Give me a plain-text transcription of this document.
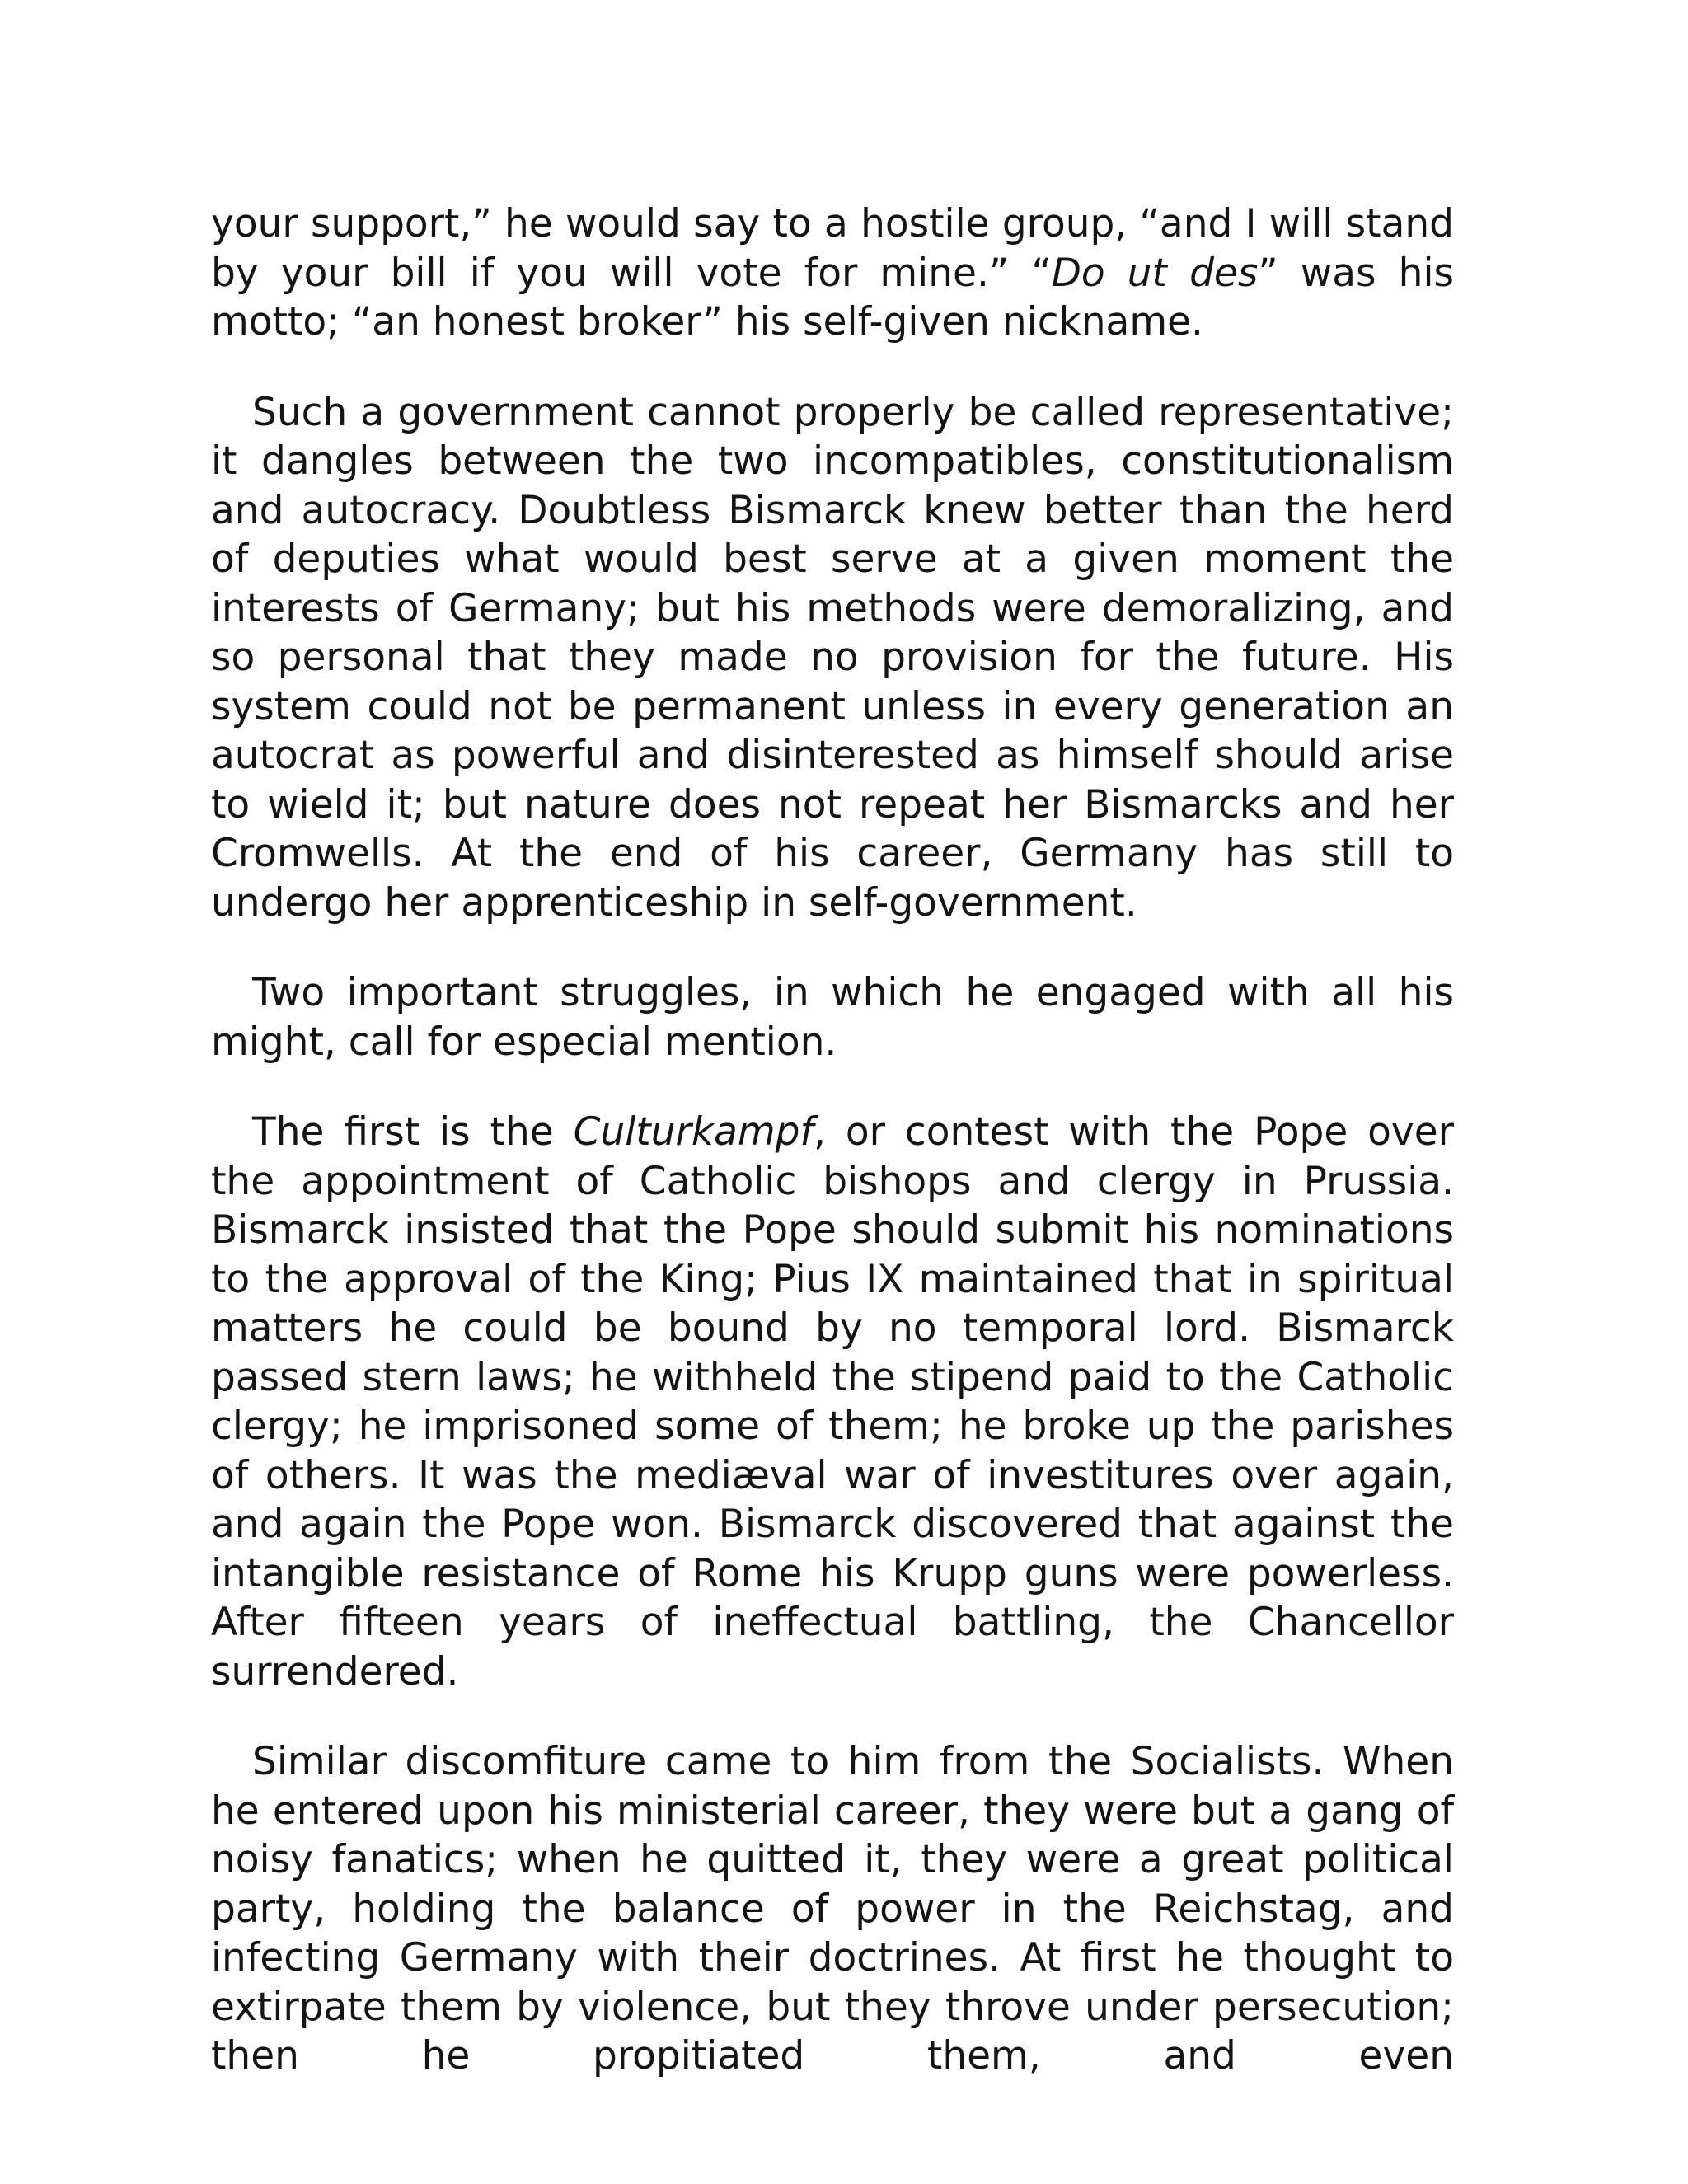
your support,” he would say to a hostile group, “and I will stand by your bill if you will vote for mine.” “Do ut des” was his motto; “an honest broker” his self-given nickname.

Such a government cannot properly be called representative; it dangles between the two incompatibles, constitutionalism and autocracy. Doubtless Bismarck knew better than the herd of deputies what would best serve at a given moment the interests of Germany; but his methods were demoralizing, and so personal that they made no provision for the future. His system could not be permanent unless in every generation an autocrat as powerful and disinterested as himself should arise to wield it; but nature does not repeat her Bismarcks and her Cromwells. At the end of his career, Germany has still to undergo her apprenticeship in self-government.

Two important struggles, in which he engaged with all his might, call for especial mention.

The first is the Culturkampf, or contest with the Pope over the appointment of Catholic bishops and clergy in Prussia. Bismarck insisted that the Pope should submit his nominations to the approval of the King; Pius IX maintained that in spiritual matters he could be bound by no temporal lord. Bismarck passed stern laws; he withheld the stipend paid to the Catholic clergy; he imprisoned some of them; he broke up the parishes of others. It was the mediæval war of investitures over again, and again the Pope won. Bismarck discovered that against the intangible resistance of Rome his Krupp guns were powerless. After fifteen years of ineffectual battling, the Chancellor surrendered.

Similar discomfiture came to him from the Socialists. When he entered upon his ministerial career, they were but a gang of noisy fanatics; when he quitted it, they were a great political party, holding the balance of power in the Reichstag, and infecting Germany with their doctrines. At first he thought to extirpate them by violence, but they throve under persecution; then he propitiated them, and even
